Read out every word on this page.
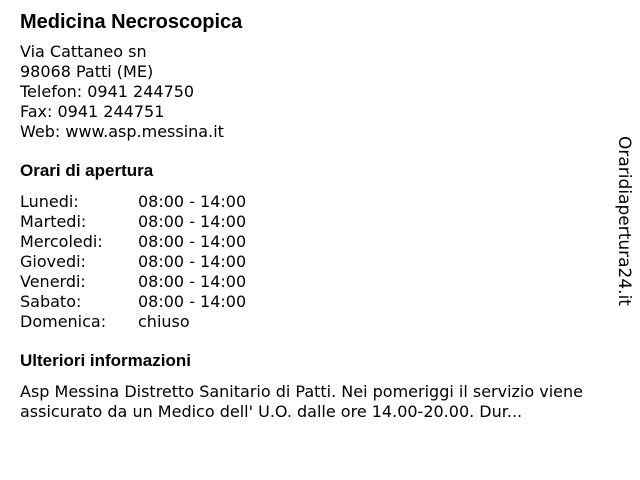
Medicina Necroscopica
Via Cattaneo sn
98068 Patti (ME)
Telefon: 0941 244750
Fax: 0941 244751
Web: www.asp.messina.it
Orari di apertura
Lunedi:	08:00 - 14:00
Martedi:	08:00 - 14:00
Mercoledi:	08:00 - 14:00
Giovedi:	08:00 - 14:00
Venerdi:	08:00 - 14:00
Sabato:	08:00 - 14:00
Domenica:	chiuso
Ulteriori informazioni
Asp Messina Distretto Sanitario di Patti. Nei pomeriggi il servizio viene assicurato da un Medico dell' U.O. dalle ore 14.00-20.00. Dur...
Oraridiapertura24.it
